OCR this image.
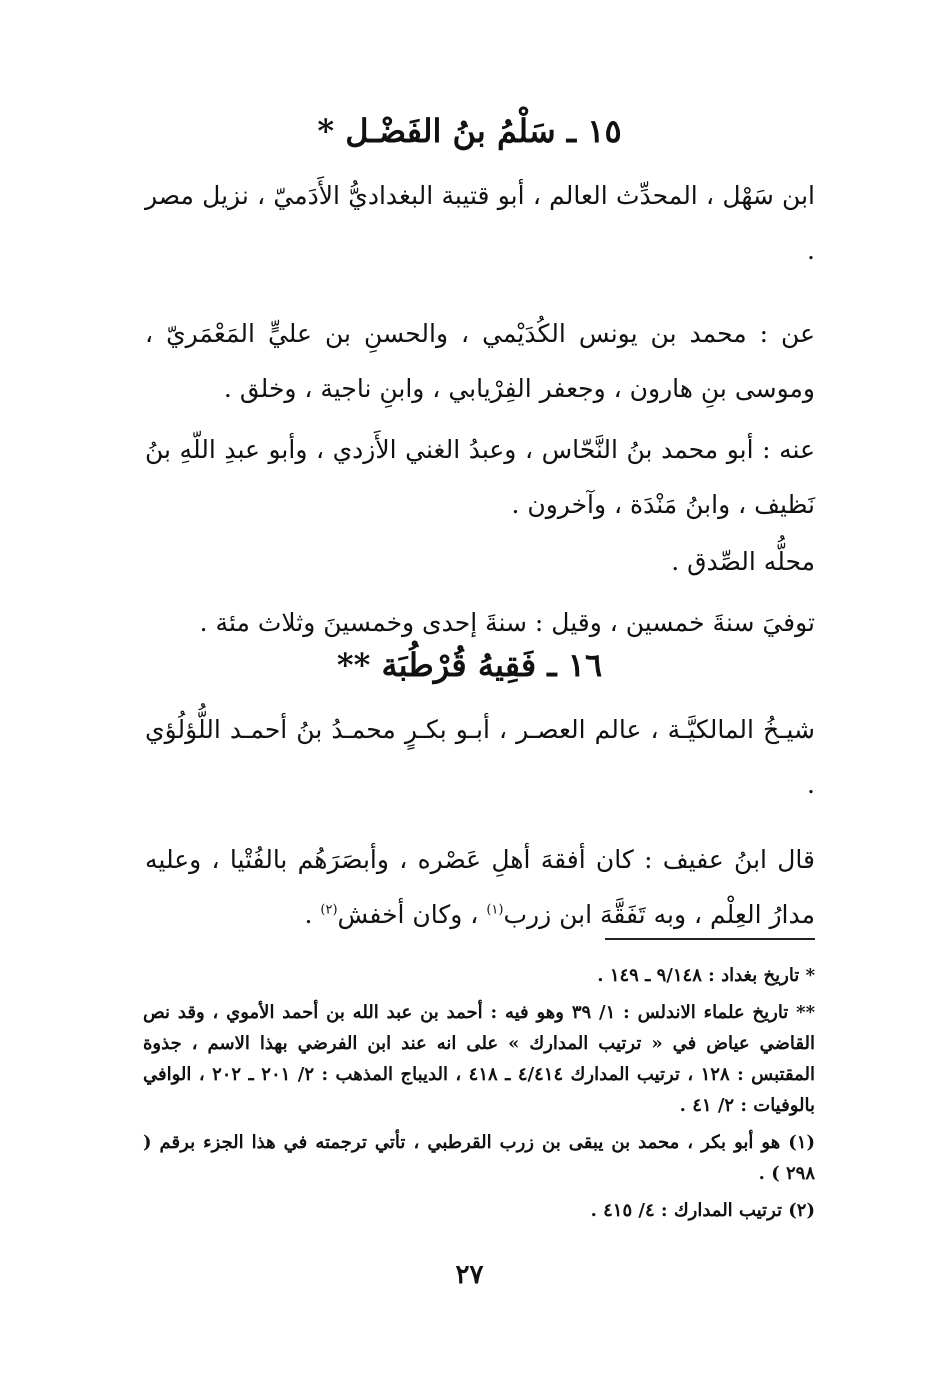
١٥ ـ سَلْمُ بنُ الفَضْـل *

ابن سَهْل ، المحدِّث العالم ، أبو قتيبة البغداديُّ الأَدَميّ ، نزيل مصر .

عن : محمد بن يونس الكُدَيْمي ، والحسنِ بن عليٍّ المَعْمَريّ ، وموسى بنِ هارون ، وجعفر الفِرْيابي ، وابنِ ناجية ، وخلق .

عنه : أبو محمد بنُ النَّحّاس ، وعبدُ الغني الأَزدي ، وأبو عبدِ اللّهِ بنُ نَظيف ، وابنُ مَنْدَة ، وآخرون .

محلُّه الصِّدق .

توفيَ سنةَ خمسين ، وقيل : سنةَ إحدى وخمسينَ وثلاث مئة .

١٦ ـ فَقِيهُ قُرْطُبَة **

شيـخُ المالكيَّـة ، عالم العصـر ، أبـو بكـرٍ محمـدُ بنُ أحمـد اللُّؤلُؤي .

قال ابنُ عفيف : كان أفقهَ أهلِ عَصْره ، وأبصَرَهُم بالفُتْيا ، وعليه مدارُ العِلْم ، وبه تَفَقَّهَ ابن زرب$^{(١)}$ ، وكان أخفش$^{(٢)}$ .

* تاريخ بغداد : ٩/١٤٨ ـ ١٤٩ .

** تاريخ علماء الاندلس : ١/ ٣٩ وهو فيه : أحمد بن عبد الله بن أحمد الأموي ، وقد نص القاضي عياض في « ترتيب المدارك » على انه عند ابن الفرضي بهذا الاسم ، جذوة المقتبس : ١٢٨ ، ترتيب المدارك ٤/٤١٤ ـ ٤١٨ ، الديباج المذهب : ٢/ ٢٠١ ـ ٢٠٢ ، الوافي بالوفيات : ٢/ ٤١ .

(١) هو أبو بكر ، محمد بن يبقى بن زرب القرطبي ، تأتي ترجمته في هذا الجزء برقم ( ٢٩٨ ) .

(٢) ترتيب المدارك : ٤/ ٤١٥ .

٢٧
